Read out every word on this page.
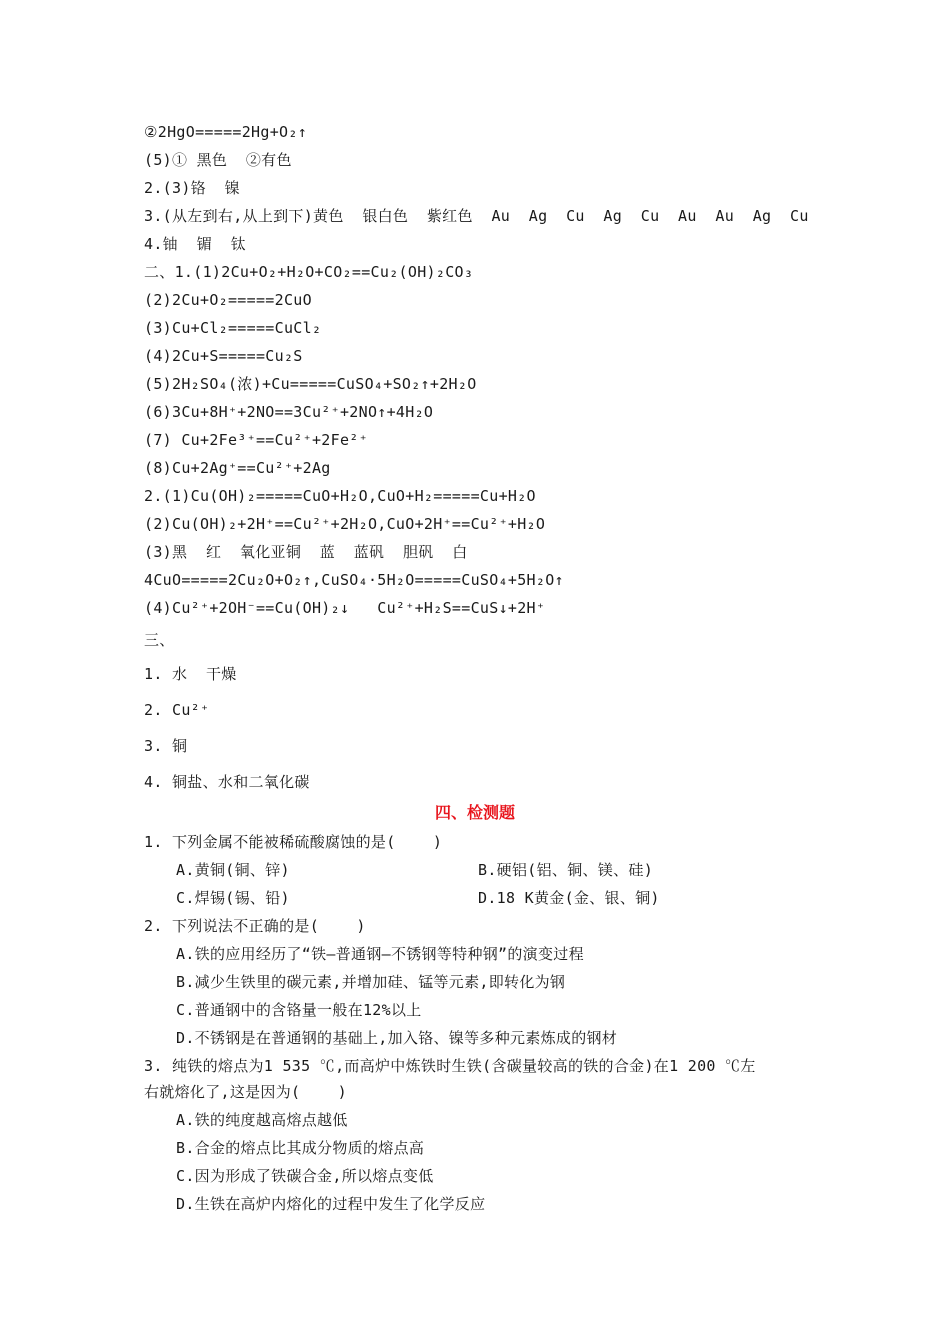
②2HgO=====2Hg+O₂↑
(5)① 黑色  ②有色
2.(3)铬  镍
3.(从左到右,从上到下)黄色  银白色  紫红色  Au  Ag  Cu  Ag  Cu  Au  Au  Ag  Cu
4.铀  镅  钛
二、1.(1)2Cu+O₂+H₂O+CO₂==Cu₂(OH)₂CO₃
(2)2Cu+O₂=====2CuO
(3)Cu+Cl₂=====CuCl₂
(4)2Cu+S=====Cu₂S
(5)2H₂SO₄(浓)+Cu=====CuSO₄+SO₂↑+2H₂O
(6)3Cu+8H⁺+2NO==3Cu²⁺+2NO↑+4H₂O
(7) Cu+2Fe³⁺==Cu²⁺+2Fe²⁺
(8)Cu+2Ag⁺==Cu²⁺+2Ag
2.(1)Cu(OH)₂=====CuO+H₂O,CuO+H₂=====Cu+H₂O
(2)Cu(OH)₂+2H⁺==Cu²⁺+2H₂O,CuO+2H⁺==Cu²⁺+H₂O
(3)黑  红  氧化亚铜  蓝  蓝矾  胆矾  白
4CuO=====2Cu₂O+O₂↑,CuSO₄·5H₂O=====CuSO₄+5H₂O↑
(4)Cu²⁺+2OH⁻==Cu(OH)₂↓   Cu²⁺+H₂S==CuS↓+2H⁺
三、
1. 水  干燥
2. Cu²⁺
3. 铜
4. 铜盐、水和二氧化碳
四、检测题
1. 下列金属不能被稀硫酸腐蚀的是(    )
A.黄铜(铜、锌)	B.硬铝(铝、铜、镁、硅)
C.焊锡(锡、铅)	D.18 K黄金(金、银、铜)
2. 下列说法不正确的是(    )
A.铁的应用经历了“铁—普通钢—不锈钢等特种钢”的演变过程
B.减少生铁里的碳元素,并增加硅、锰等元素,即转化为钢
C.普通钢中的含铬量一般在12%以上
D.不锈钢是在普通钢的基础上,加入铬、镍等多种元素炼成的钢材
3. 纯铁的熔点为1 535 ℃,而高炉中炼铁时生铁(含碳量较高的铁的合金)在1 200 ℃左
右就熔化了,这是因为(    )
A.铁的纯度越高熔点越低
B.合金的熔点比其成分物质的熔点高
C.因为形成了铁碳合金,所以熔点变低
D.生铁在高炉内熔化的过程中发生了化学反应
